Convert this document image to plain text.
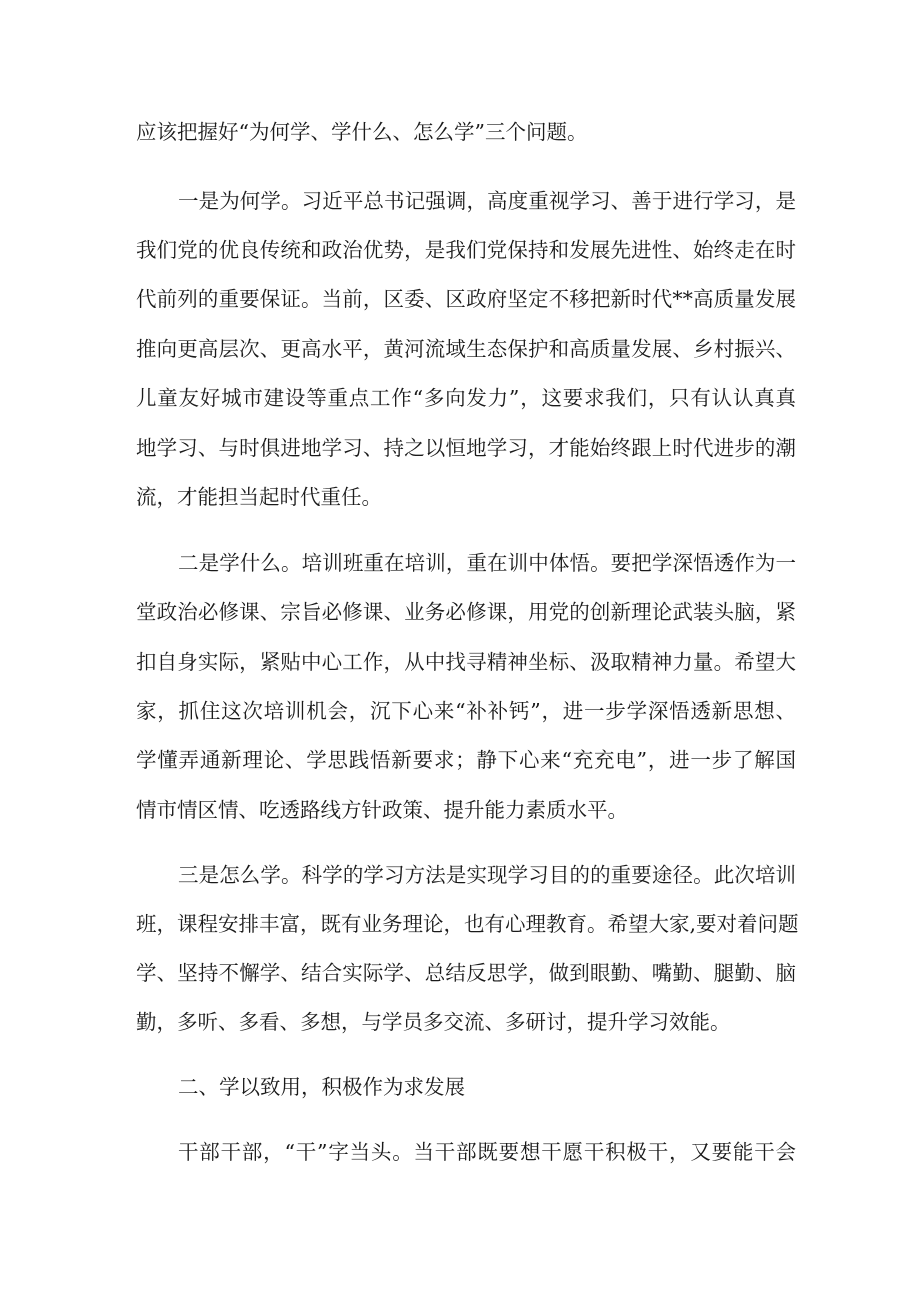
应该把握好“为何学、学什么、怎么学”三个问题。
一是为何学。习近平总书记强调，高度重视学习、善于进行学习，是
我们党的优良传统和政治优势，是我们党保持和发展先进性、始终走在时
代前列的重要保证。当前，区委、区政府坚定不移把新时代**高质量发展
推向更高层次、更高水平，黄河流域生态保护和高质量发展、乡村振兴、
儿童友好城市建设等重点工作“多向发力”，这要求我们，只有认认真真
地学习、与时俱进地学习、持之以恒地学习，才能始终跟上时代进步的潮
流，才能担当起时代重任。
二是学什么。培训班重在培训，重在训中体悟。要把学深悟透作为一
堂政治必修课、宗旨必修课、业务必修课，用党的创新理论武装头脑，紧
扣自身实际，紧贴中心工作，从中找寻精神坐标、汲取精神力量。希望大
家，抓住这次培训机会，沉下心来“补补钙”，进一步学深悟透新思想、
学懂弄通新理论、学思践悟新要求；静下心来“充充电”，进一步了解国
情市情区情、吃透路线方针政策、提升能力素质水平。
三是怎么学。科学的学习方法是实现学习目的的重要途径。此次培训
班，课程安排丰富，既有业务理论，也有心理教育。希望大家,要对着问题
学、坚持不懈学、结合实际学、总结反思学，做到眼勤、嘴勤、腿勤、脑
勤，多听、多看、多想，与学员多交流、多研讨，提升学习效能。
二、学以致用，积极作为求发展
干部干部，“干”字当头。当干部既要想干愿干积极干，又要能干会
